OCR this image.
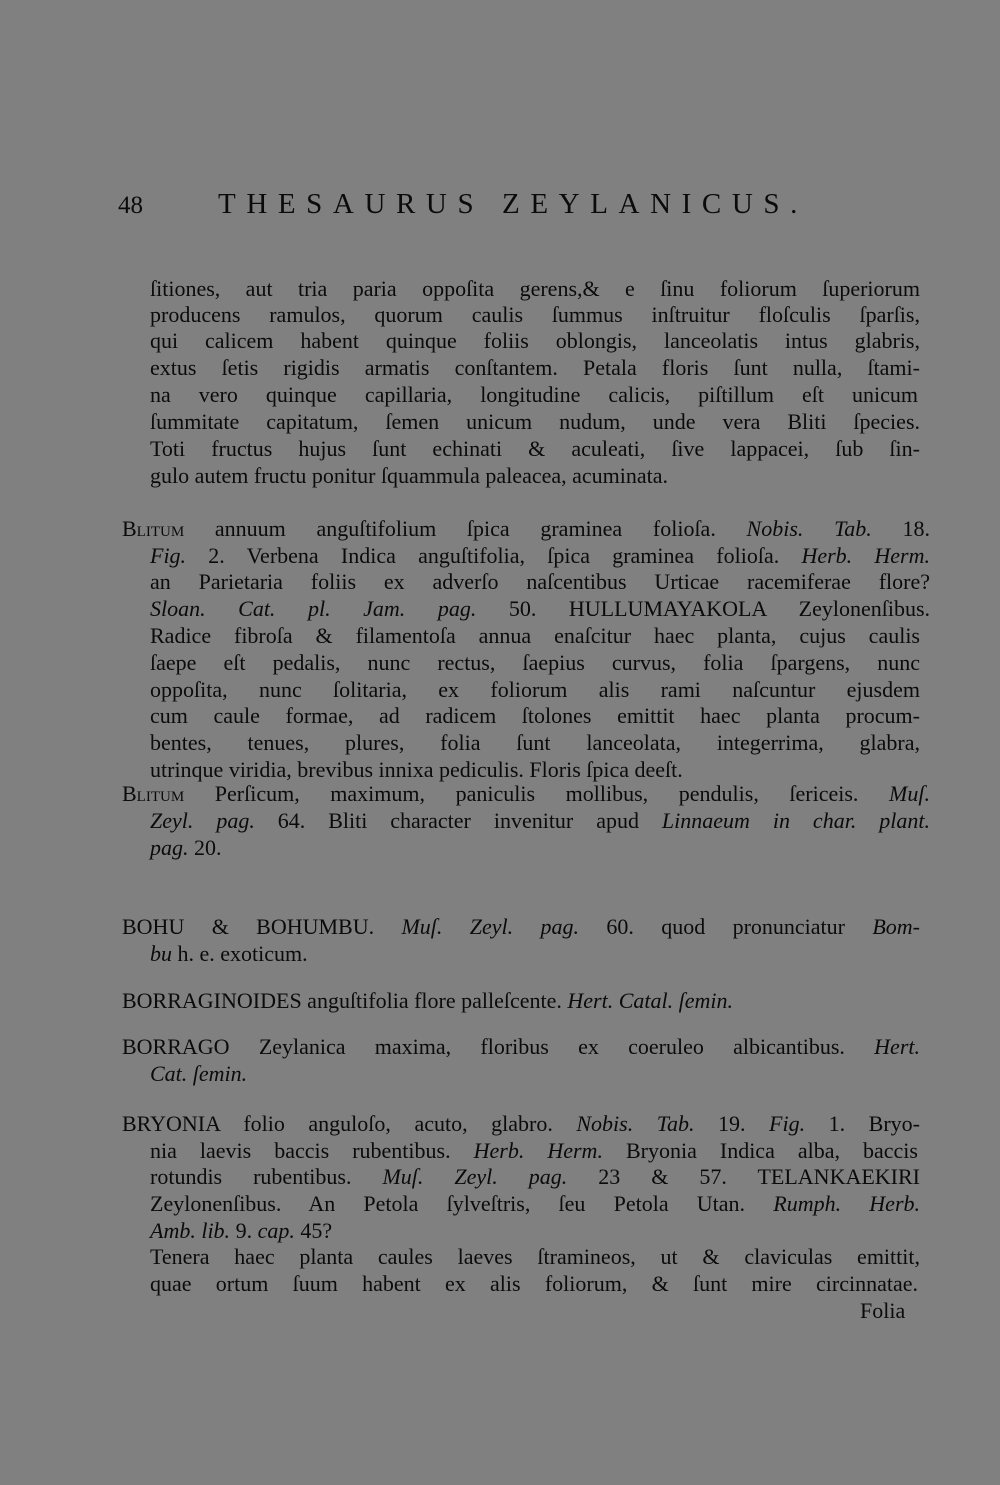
48	THESAURUS ZEYLANICUS.
ſitiones, aut tria paria oppoſita gerens,& e ſinu foliorum ſuperiorum
producens ramulos, quorum caulis ſummus inſtruitur floſculis ſparſis,
qui calicem habent quinque foliis oblongis, lanceolatis intus glabris,
extus ſetis rigidis armatis conſtantem. Petala floris ſunt nulla, ſtami-
na vero quinque capillaria, longitudine calicis, piſtillum eſt unicum
ſummitate capitatum, ſemen unicum nudum, unde vera Bliti ſpecies.
Toti fructus hujus ſunt echinati & aculeati, ſive lappacei, ſub ſin-
gulo autem fructu ponitur ſquammula paleacea, acuminata.
Blitum annuum anguſtifolium ſpica graminea folioſa. Nobis. Tab. 18.
Fig. 2. Verbena Indica anguſtifolia, ſpica graminea folioſa. Herb. Herm.
an Parietaria foliis ex adverſo naſcentibus Urticae racemiferae flore?
Sloan. Cat. pl. Jam. pag. 50. HULLUMAYAKOLA Zeylonenſibus.
Radice fibroſa & filamentoſa annua enaſcitur haec planta, cujus caulis
ſaepe eſt pedalis, nunc rectus, ſaepius curvus, folia ſpargens, nunc
oppoſita, nunc ſolitaria, ex foliorum alis rami naſcuntur ejusdem
cum caule formae, ad radicem ſtolones emittit haec planta procum-
bentes, tenues, plures, folia ſunt lanceolata, integerrima, glabra,
utrinque viridia, brevibus innixa pediculis. Floris ſpica deeſt.
Blitum Perſicum, maximum, paniculis mollibus, pendulis, ſericeis. Muſ.
Zeyl. pag. 64. Bliti character invenitur apud Linnaeum in char. plant.
pag. 20.
BOHU & BOHUMBU. Muſ. Zeyl. pag. 60. quod pronunciatur Bom-
bu h. e. exoticum.
BORRAGINOIDES anguſtifolia flore palleſcente. Hert. Catal. ſemin.
BORRAGO Zeylanica maxima, floribus ex coeruleo albicantibus. Hert.
Cat. ſemin.
BRYONIA folio anguloſo, acuto, glabro. Nobis. Tab. 19. Fig. 1. Bryo-
nia laevis baccis rubentibus. Herb. Herm. Bryonia Indica alba, baccis
rotundis rubentibus. Muſ. Zeyl. pag. 23 & 57. TELANKAEKIRI
Zeylonenſibus. An Petola ſylveſtris, ſeu Petola Utan. Rumph. Herb.
Amb. lib. 9. cap. 45?
Tenera haec planta caules laeves ſtramineos, ut & claviculas emittit,
quae ortum ſuum habent ex alis foliorum, & ſunt mire circinnatae.
Folia
